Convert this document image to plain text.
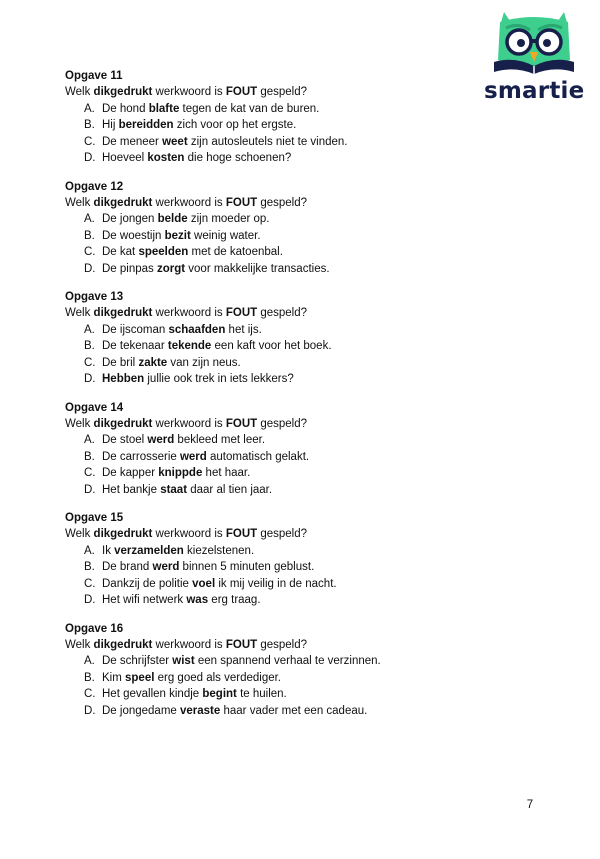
smartie
Opgave 11
Welk dikgedrukt werkwoord is FOUT gespeld?
A. De hond blafte tegen de kat van de buren.
B. Hij bereidden zich voor op het ergste.
C. De meneer weet zijn autosleutels niet te vinden.
D. Hoeveel kosten die hoge schoenen?
Opgave 12
Welk dikgedrukt werkwoord is FOUT gespeld?
A. De jongen belde zijn moeder op.
B. De woestijn bezit weinig water.
C. De kat speelden met de katoenbal.
D. De pinpas zorgt voor makkelijke transacties.
Opgave 13
Welk dikgedrukt werkwoord is FOUT gespeld?
A. De ijscoman schaafden het ijs.
B. De tekenaar tekende een kaft voor het boek.
C. De bril zakte van zijn neus.
D. Hebben jullie ook trek in iets lekkers?
Opgave 14
Welk dikgedrukt werkwoord is FOUT gespeld?
A. De stoel werd bekleed met leer.
B. De carrosserie werd automatisch gelakt.
C. De kapper knippde het haar.
D. Het bankje staat daar al tien jaar.
Opgave 15
Welk dikgedrukt werkwoord is FOUT gespeld?
A. Ik verzamelden kiezelstenen.
B. De brand werd binnen 5 minuten geblust.
C. Dankzij de politie voel ik mij veilig in de nacht.
D. Het wifi netwerk was erg traag.
Opgave 16
Welk dikgedrukt werkwoord is FOUT gespeld?
A. De schrijfster wist een spannend verhaal te verzinnen.
B. Kim speel erg goed als verdediger.
C. Het gevallen kindje begint te huilen.
D. De jongedame veraste haar vader met een cadeau.
7
